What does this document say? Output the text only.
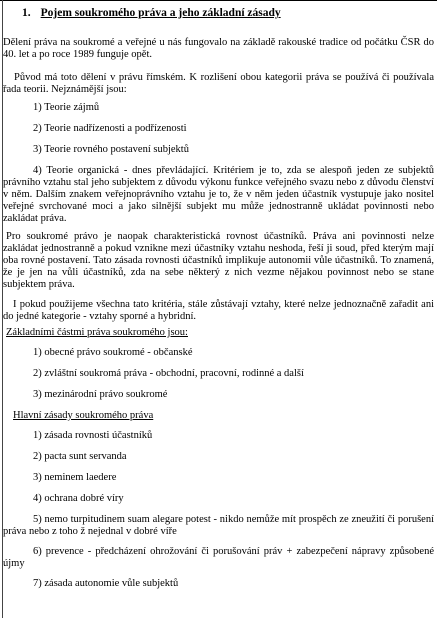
1. Pojem soukromého práva a jeho základní zásady

Dělení práva na soukromé a veřejné u nás fungovalo na základě rakouské tradice od počátku ČSR do 40. let a po roce 1989 funguje opět.

Původ má toto dělení v právu římském. K rozlišení obou kategorii práva se používá či používala řada teorii. Nejznámější jsou:

1) Teorie zájmů
2) Teorie nadřízenosti a podřízenosti
3) Teorie rovného postavení subjektů

4) Teorie organická - dnes převládající. Kritériem je to, zda se alespoň jeden ze subjektů právního vztahu stal jeho subjektem z důvodu výkonu funkce veřejného svazu nebo z důvodu členství v něm. Dalším znakem veřejnoprávního vztahu je to, že v něm jeden účastník vystupuje jako nositel veřejné svrchované moci a jako silnější subjekt mu může jednostranně ukládat povinnosti nebo zakládat práva.

Pro soukromé právo je naopak charakteristická rovnost účastníků. Práva ani povinnosti nelze zakládat jednostranně a pokud vznikne mezi účastníky vztahu neshoda, řeší ji soud, před kterým mají oba rovné postavení. Tato zásada rovnosti účastníků implikuje autonomii vůle účastníků. To znamená, že je jen na vůli účastníků, zda na sebe některý z nich vezme nějakou povinnost nebo se stane subjektem práva.

I pokud použijeme všechna tato kritéria, stále zůstávají vztahy, které nelze jednoznačně zařadit ani do jedné kategorie - vztahy sporné a hybridní.

Základními částmi práva soukromého jsou:
1) obecné právo soukromé - občanské
2) zvláštní soukromá práva - obchodní, pracovní, rodinné a další
3) mezinárodní právo soukromé
Hlavní zásady soukromého práva
1) zásada rovnosti účastníků
2) pacta sunt servanda
3) neminem laedere
4) ochrana dobré víry

5) nemo turpitudinem suam alegare potest - nikdo nemůže mít prospěch ze zneužití či porušení práva nebo z toho ž nejednal v dobré víře

6) prevence - předcházení ohrožování či porušování práv + zabezpečení nápravy způsobené újmy

7) zásada autonomie vůle subjektů
